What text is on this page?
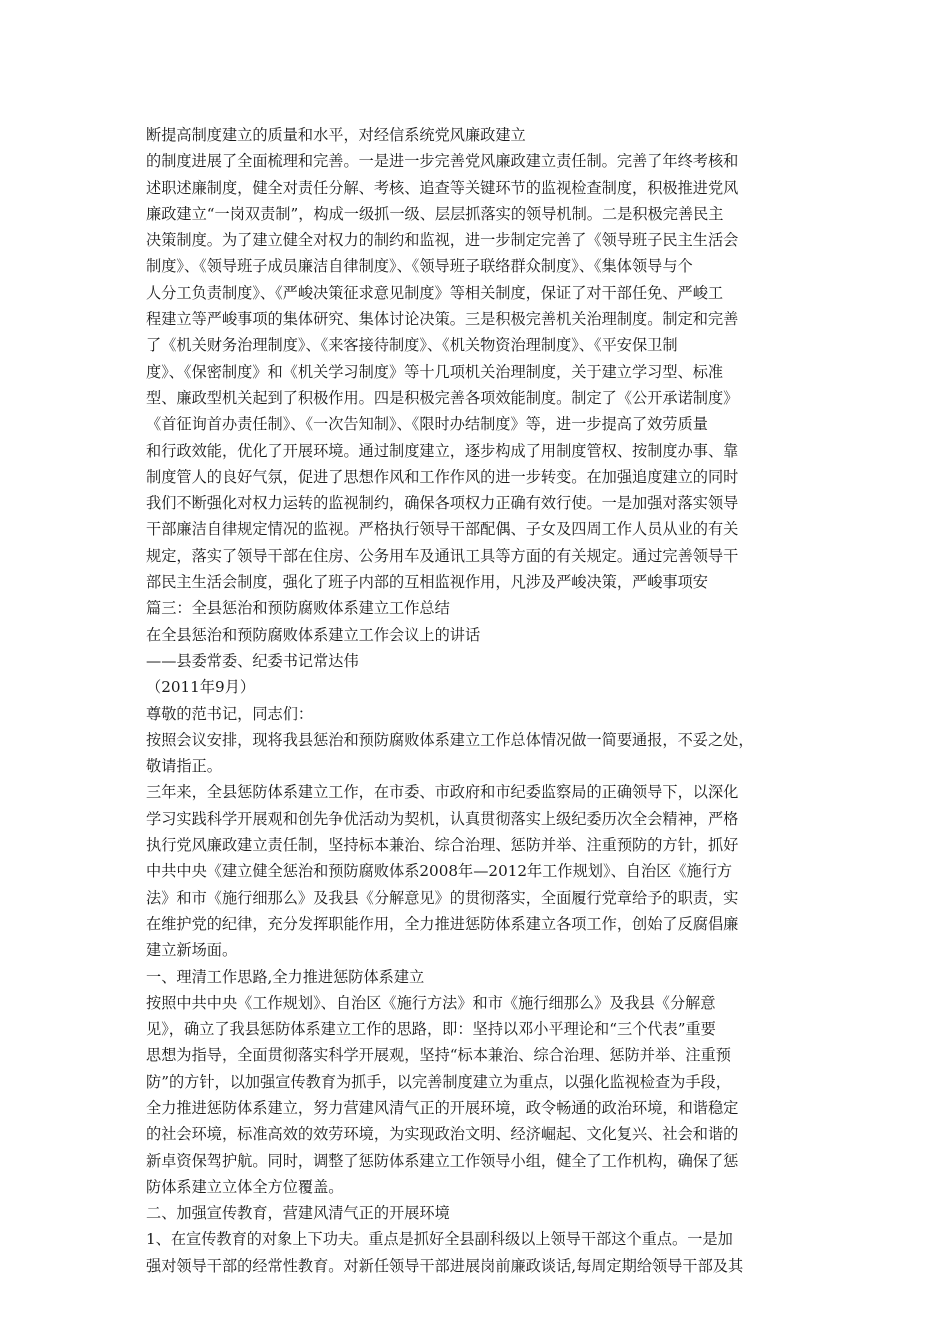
断提高制度建立的质量和水平，对经信系统党风廉政建立
的制度进展了全面梳理和完善。一是进一步完善党风廉政建立责任制。完善了年终考核和
述职述廉制度，健全对责任分解、考核、追查等关键环节的监视检查制度，积极推进党风
廉政建立“一岗双责制”，构成一级抓一级、层层抓落实的领导机制。二是积极完善民主
决策制度。为了建立健全对权力的制约和监视，进一步制定完善了《领导班子民主生活会
制度》、《领导班子成员廉洁自律制度》、《领导班子联络群众制度》、《集体领导与个
人分工负责制度》、《严峻决策征求意见制度》等相关制度，保证了对干部任免、严峻工
程建立等严峻事项的集体研究、集体讨论决策。三是积极完善机关治理制度。制定和完善
了《机关财务治理制度》、《来客接待制度》、《机关物资治理制度》、《平安保卫制
度》、《保密制度》和《机关学习制度》等十几项机关治理制度，关于建立学习型、标准
型、廉政型机关起到了积极作用。四是积极完善各项效能制度。制定了《公开承诺制度》
《首征询首办责任制》、《一次告知制》、《限时办结制度》等，进一步提高了效劳质量
和行政效能，优化了开展环境。通过制度建立，逐步构成了用制度管权、按制度办事、靠
制度管人的良好气氛，促进了思想作风和工作作风的进一步转变。在加强追度建立的同时
我们不断强化对权力运转的监视制约，确保各项权力正确有效行使。一是加强对落实领导
干部廉洁自律规定情况的监视。严格执行领导干部配偶、子女及四周工作人员从业的有关
规定，落实了领导干部在住房、公务用车及通讯工具等方面的有关规定。通过完善领导干
部民主生活会制度，强化了班子内部的互相监视作用，凡涉及严峻决策，严峻事项安
篇三：全县惩治和预防腐败体系建立工作总结
在全县惩治和预防腐败体系建立工作会议上的讲话
——县委常委、纪委书记常达伟
（2011年9月）
尊敬的范书记，同志们：
按照会议安排，现将我县惩治和预防腐败体系建立工作总体情况做一简要通报，不妥之处，
敬请指正。
三年来，全县惩防体系建立工作，在市委、市政府和市纪委监察局的正确领导下，以深化
学习实践科学开展观和创先争优活动为契机，认真贯彻落实上级纪委历次全会精神，严格
执行党风廉政建立责任制，坚持标本兼治、综合治理、惩防并举、注重预防的方针，抓好
中共中央《建立健全惩治和预防腐败体系2008年—2012年工作规划》、自治区《施行方
法》和市《施行细那么》及我县《分解意见》的贯彻落实，全面履行党章给予的职责，实
在维护党的纪律，充分发挥职能作用，全力推进惩防体系建立各项工作，创始了反腐倡廉
建立新场面。
一、理清工作思路,全力推进惩防体系建立
按照中共中央《工作规划》、自治区《施行方法》和市《施行细那么》及我县《分解意
见》，确立了我县惩防体系建立工作的思路，即：坚持以邓小平理论和“三个代表”重要
思想为指导，全面贯彻落实科学开展观，坚持“标本兼治、综合治理、惩防并举、注重预
防”的方针，以加强宣传教育为抓手，以完善制度建立为重点，以强化监视检查为手段，
全力推进惩防体系建立，努力营建风清气正的开展环境，政令畅通的政治环境，和谐稳定
的社会环境，标准高效的效劳环境，为实现政治文明、经济崛起、文化复兴、社会和谐的
新卓资保驾护航。同时，调整了惩防体系建立工作领导小组，健全了工作机构，确保了惩
防体系建立立体全方位覆盖。
二、加强宣传教育，营建风清气正的开展环境
1、在宣传教育的对象上下功夫。重点是抓好全县副科级以上领导干部这个重点。一是加
强对领导干部的经常性教育。对新任领导干部进展岗前廉政谈话,每周定期给领导干部及其
